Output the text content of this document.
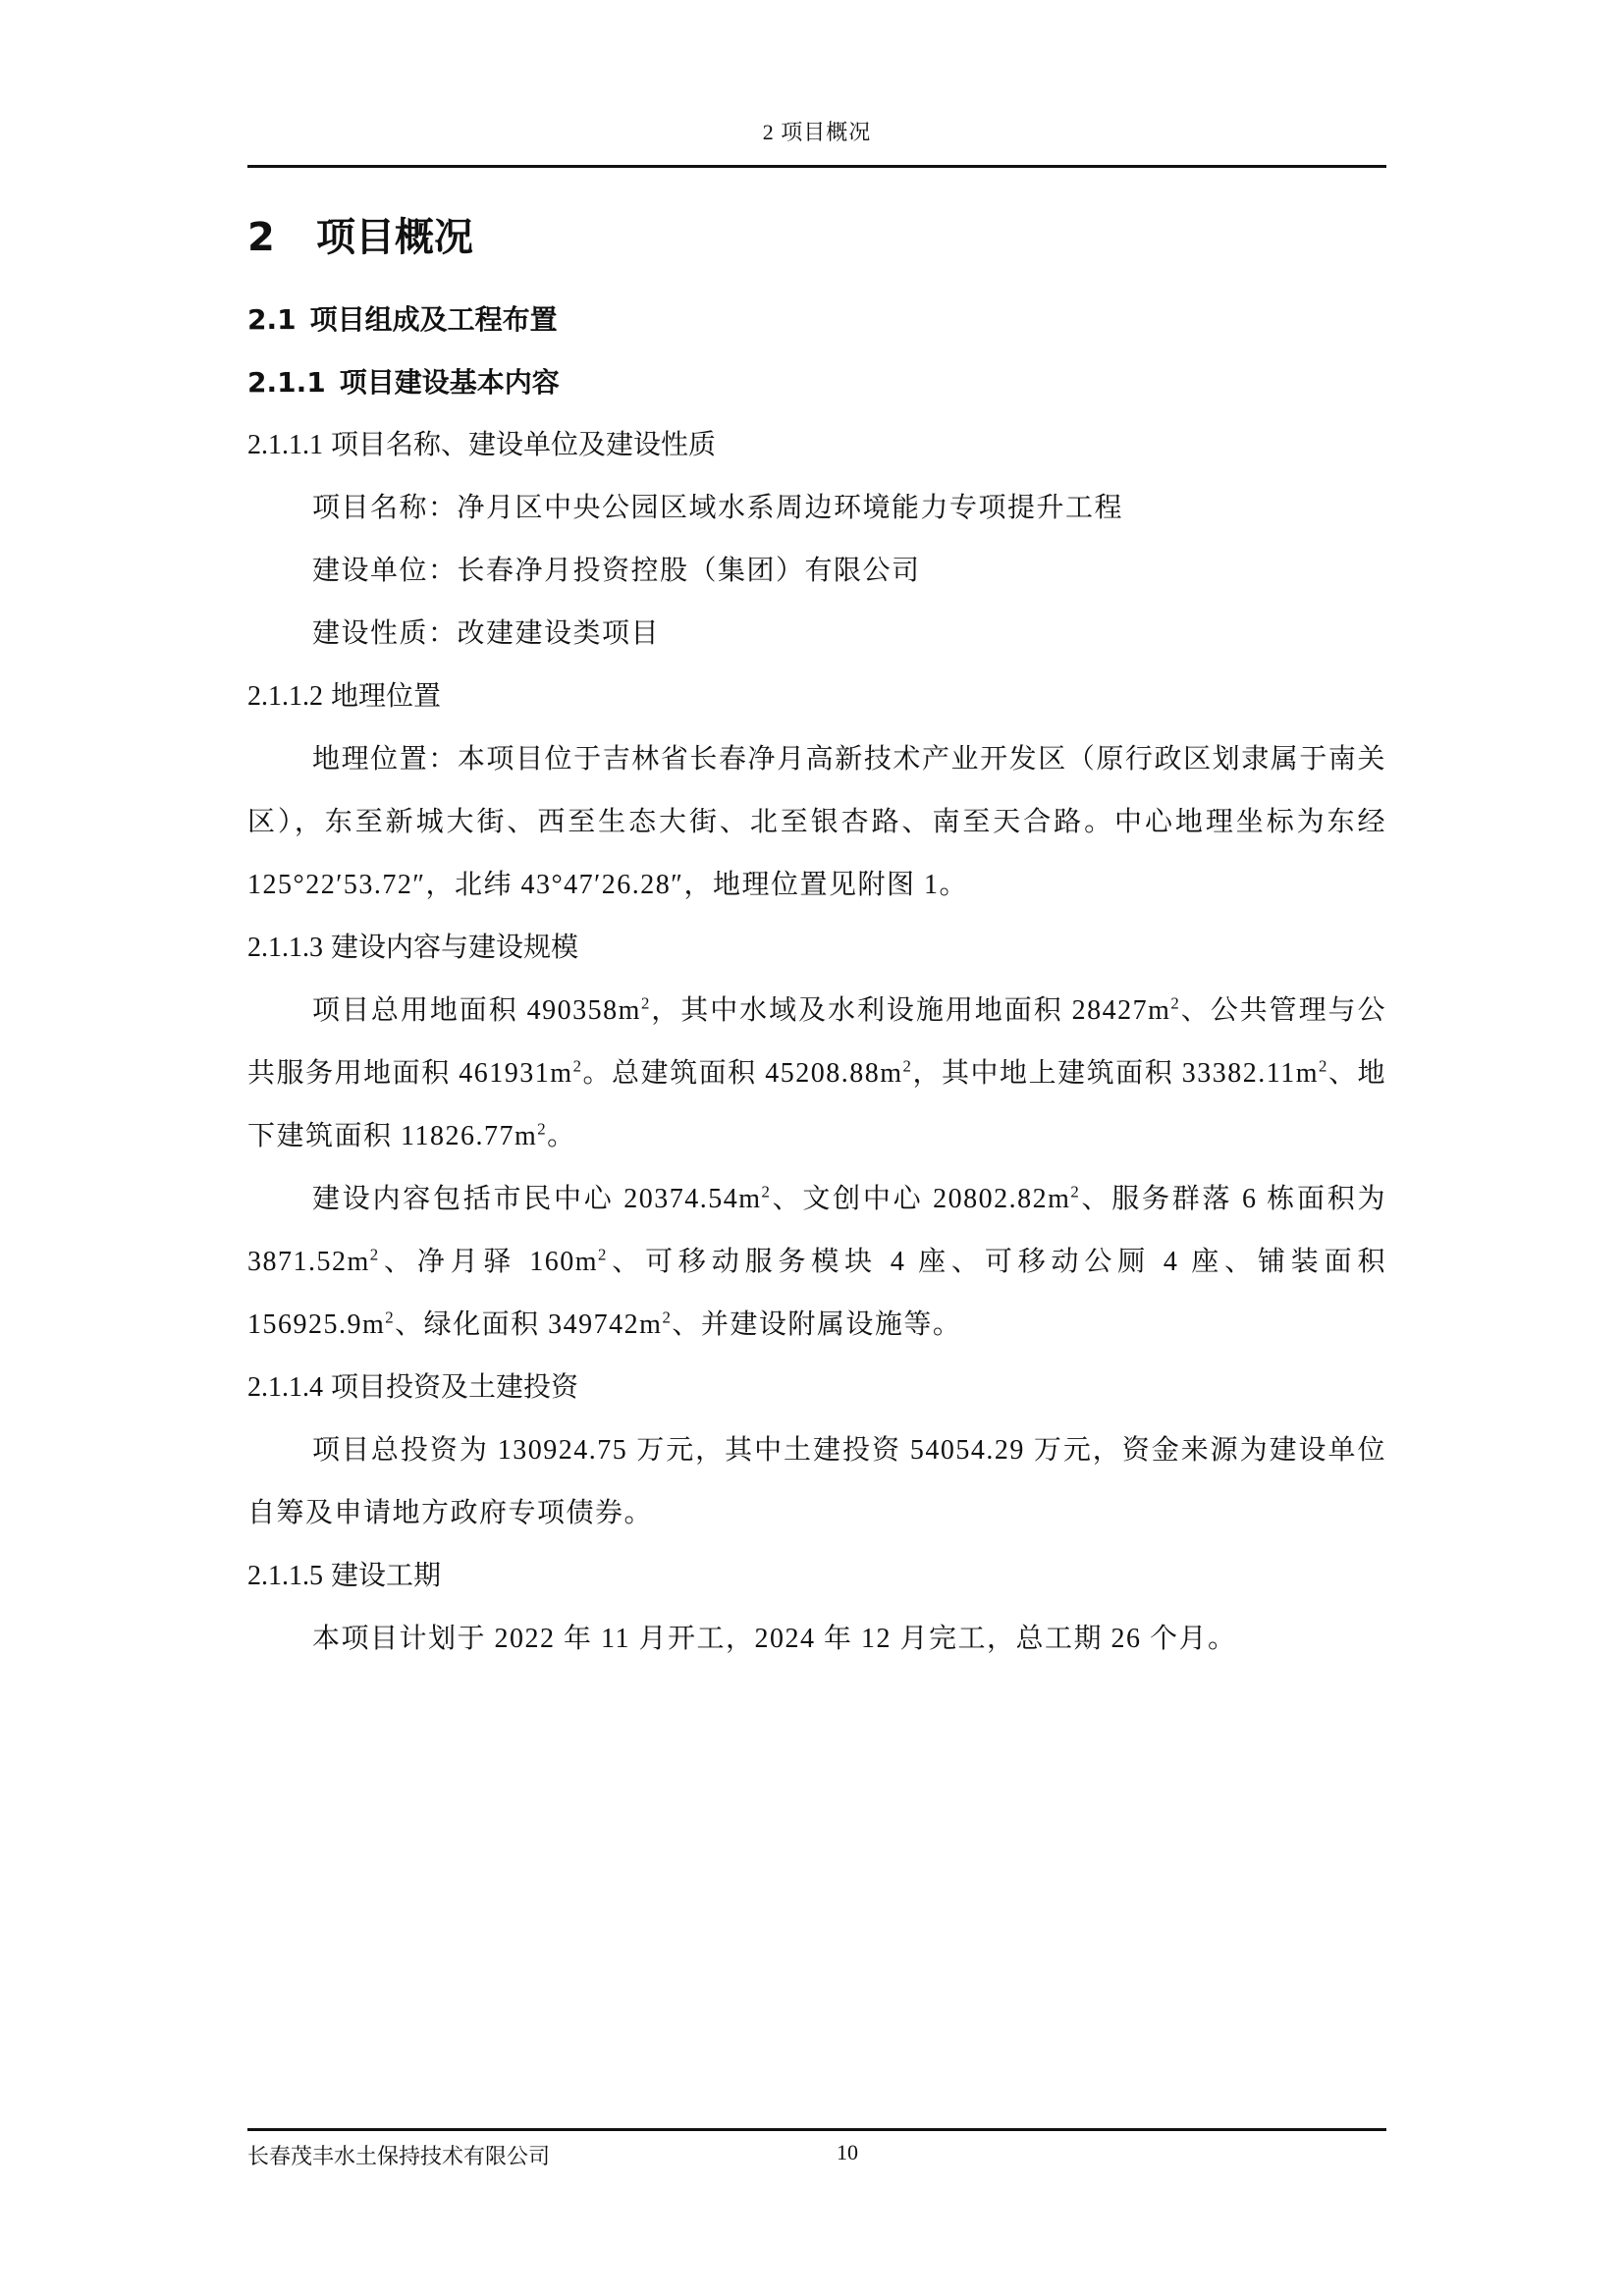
2 项目概况
2 项目概况
2.1 项目组成及工程布置
2.1.1 项目建设基本内容
2.1.1.1 项目名称、建设单位及建设性质

项目名称：净月区中央公园区域水系周边环境能力专项提升工程

建设单位：长春净月投资控股（集团）有限公司

建设性质：改建建设类项目

2.1.1.2 地理位置

地理位置：本项目位于吉林省长春净月高新技术产业开发区（原行政区划隶属于南关区），东至新城大街、西至生态大街、北至银杏路、南至天合路。中心地理坐标为东经 125°22′53.72″，北纬 43°47′26.28″，地理位置见附图 1。

2.1.1.3 建设内容与建设规模

项目总用地面积 $490358m^2$，其中水域及水利设施用地面积 $28427m^2$、公共管理与公共服务用地面积 $461931m^2$。总建筑面积 $45208.88m^2$，其中地上建筑面积 $33382.11m^2$、地下建筑面积 $11826.77m^2$。

建设内容包括市民中心 $20374.54m^2$、文创中心 $20802.82m^2$、服务群落 6 栋面积为 $3871.52m^2$、净月驿 $160m^2$、可移动服务模块 4 座、可移动公厕 4 座、铺装面积 $156925.9m^2$、绿化面积 $349742m^2$、并建设附属设施等。

2.1.1.4 项目投资及土建投资

项目总投资为 130924.75 万元，其中土建投资 54054.29 万元，资金来源为建设单位自筹及申请地方政府专项债券。

2.1.1.5 建设工期

本项目计划于 2022 年 11 月开工，2024 年 12 月完工，总工期 26 个月。

长春茂丰水土保持技术有限公司	10
